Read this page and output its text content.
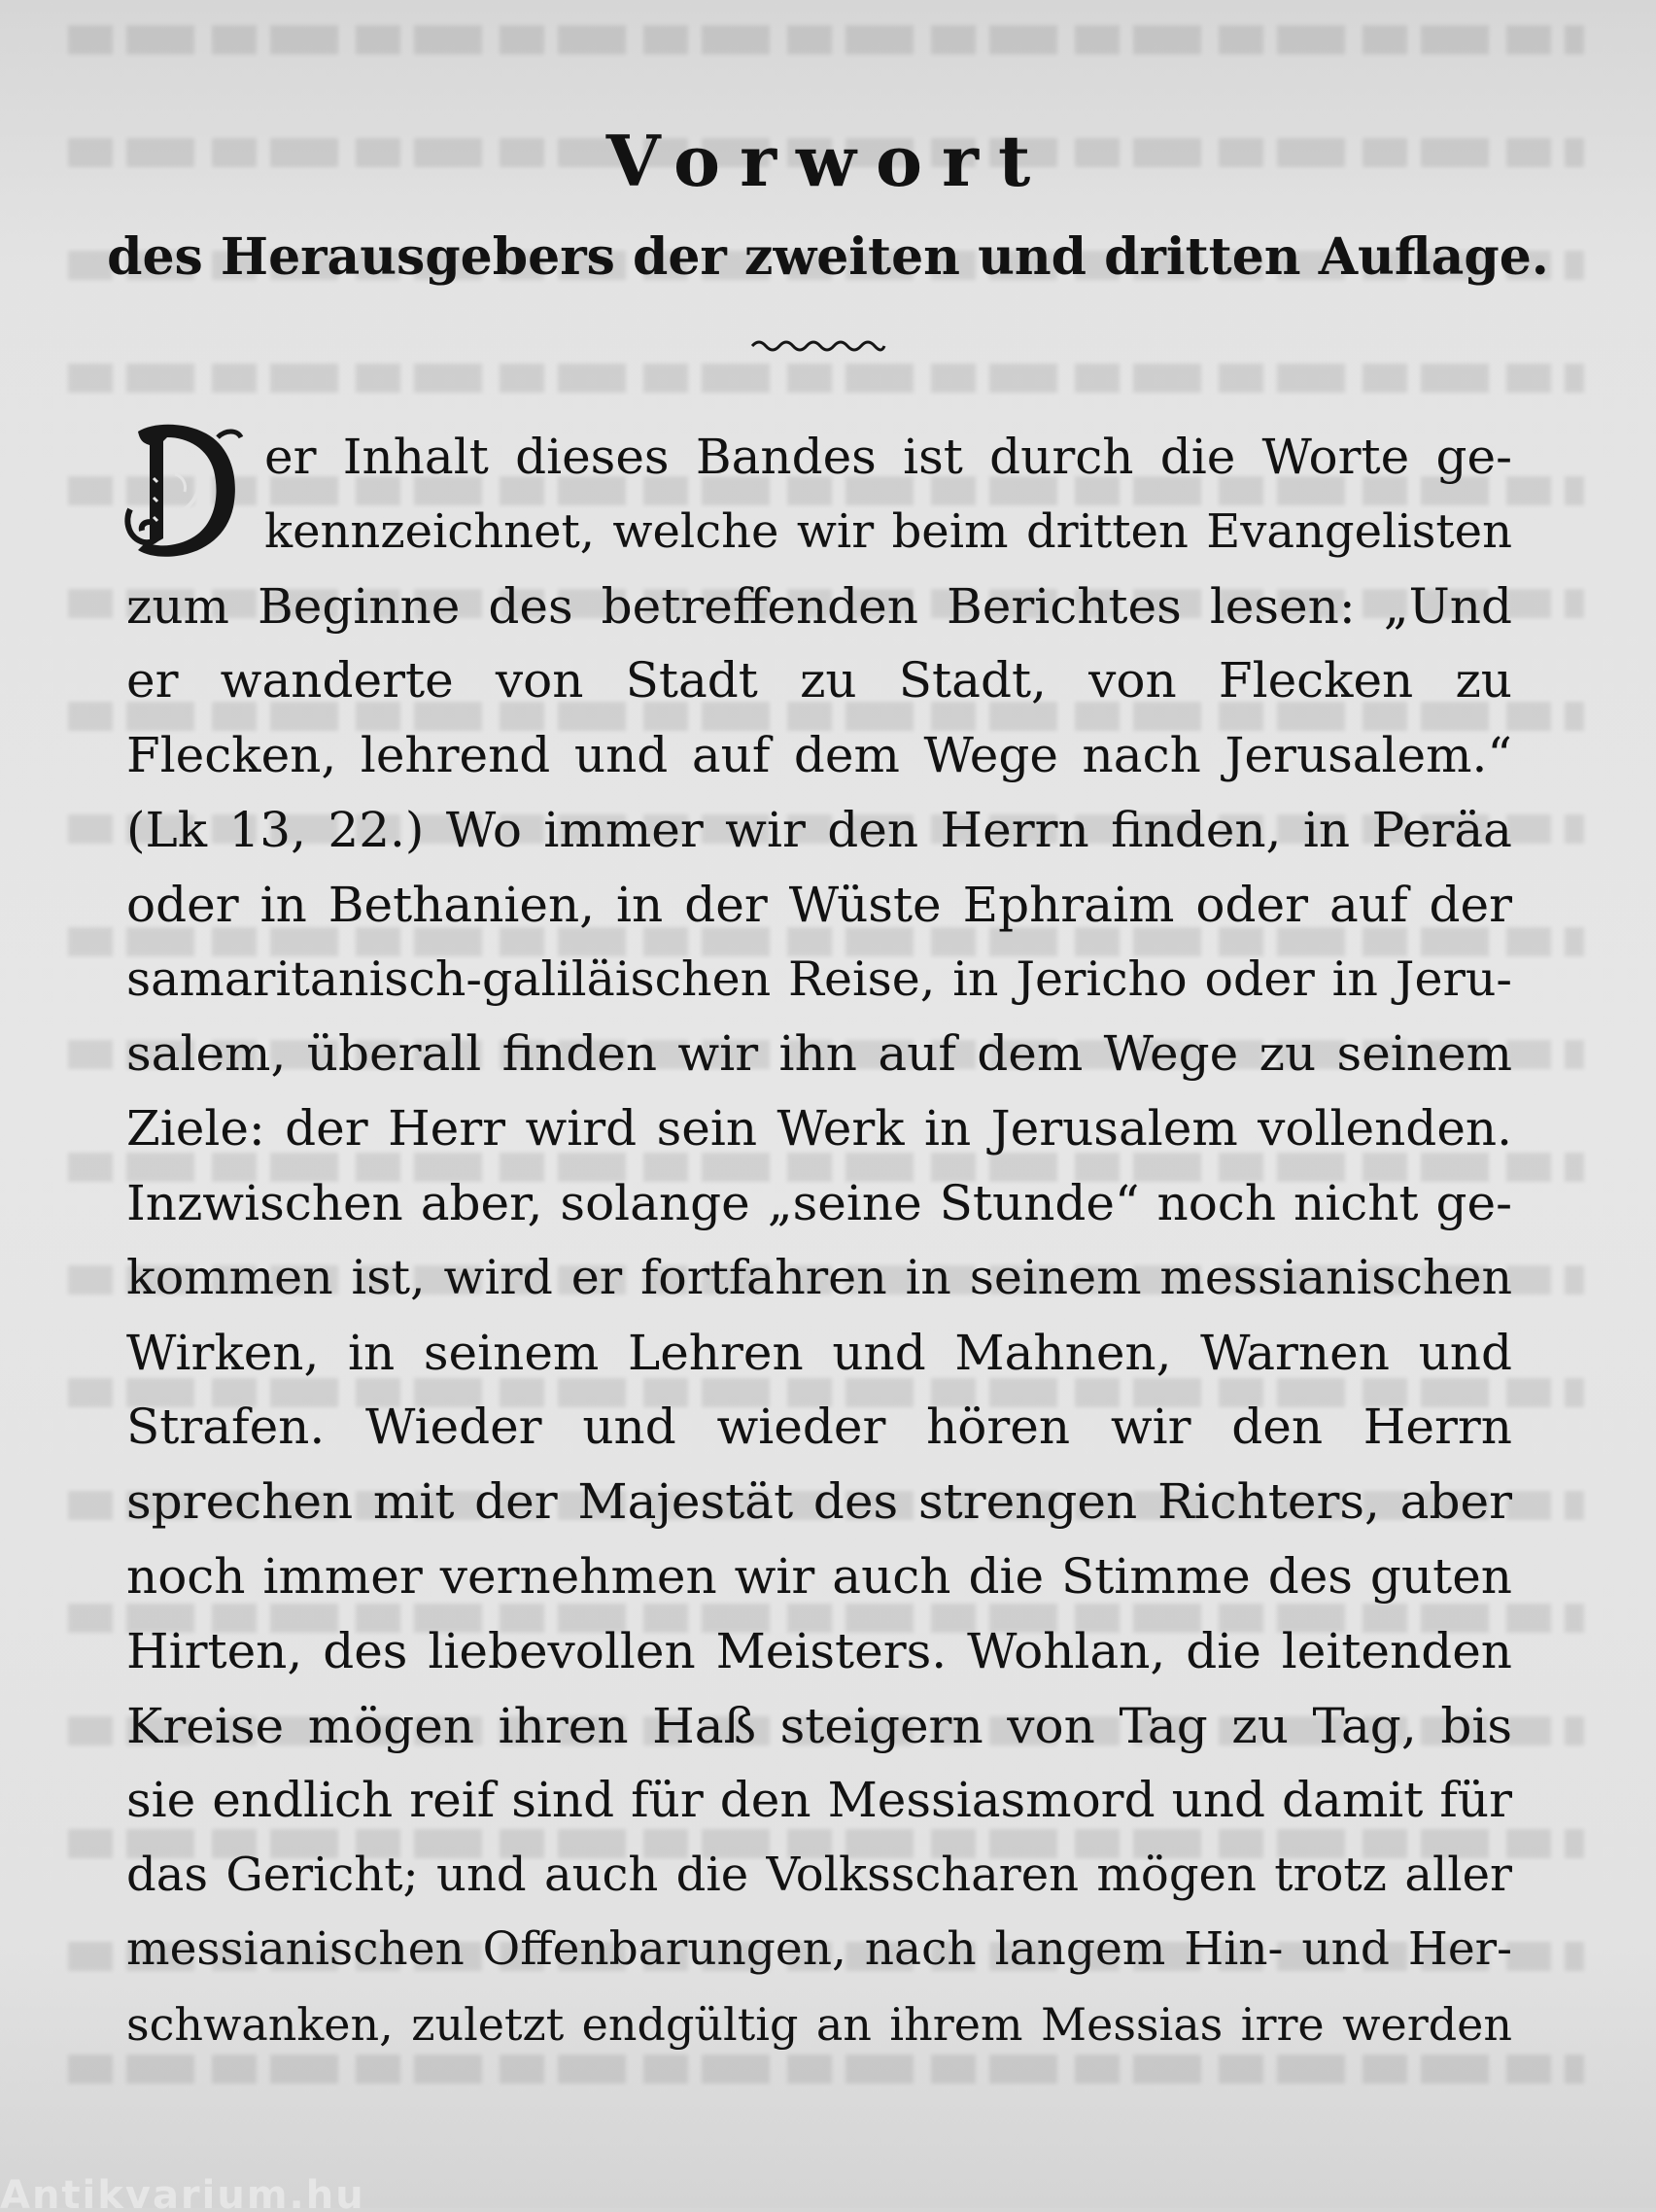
Vorwort
des Herausgebers der zweiten und dritten Auflage.
er Inhalt dieses Bandes ist durch die Worte ge-
kennzeichnet, welche wir beim dritten Evangelisten
zum Beginne des betreffenden Berichtes lesen: „Und
er wanderte von Stadt zu Stadt, von Flecken zu
Flecken, lehrend und auf dem Wege nach Jerusalem.“
(Lk 13, 22.) Wo immer wir den Herrn finden, in Peräa
oder in Bethanien, in der Wüste Ephraim oder auf der
samaritanisch-galiläischen Reise, in Jericho oder in Jeru-
salem, überall finden wir ihn auf dem Wege zu seinem
Ziele: der Herr wird sein Werk in Jerusalem vollenden.
Inzwischen aber, solange „seine Stunde“ noch nicht ge-
kommen ist, wird er fortfahren in seinem messianischen
Wirken, in seinem Lehren und Mahnen, Warnen und
Strafen. Wieder und wieder hören wir den Herrn
sprechen mit der Majestät des strengen Richters, aber
noch immer vernehmen wir auch die Stimme des guten
Hirten, des liebevollen Meisters. Wohlan, die leitenden
Kreise mögen ihren Haß steigern von Tag zu Tag, bis
sie endlich reif sind für den Messiasmord und damit für
das Gericht; und auch die Volksscharen mögen trotz aller
messianischen Offenbarungen, nach langem Hin- und Her-
schwanken, zuletzt endgültig an ihrem Messias irre werden
Antikvarium.hu
